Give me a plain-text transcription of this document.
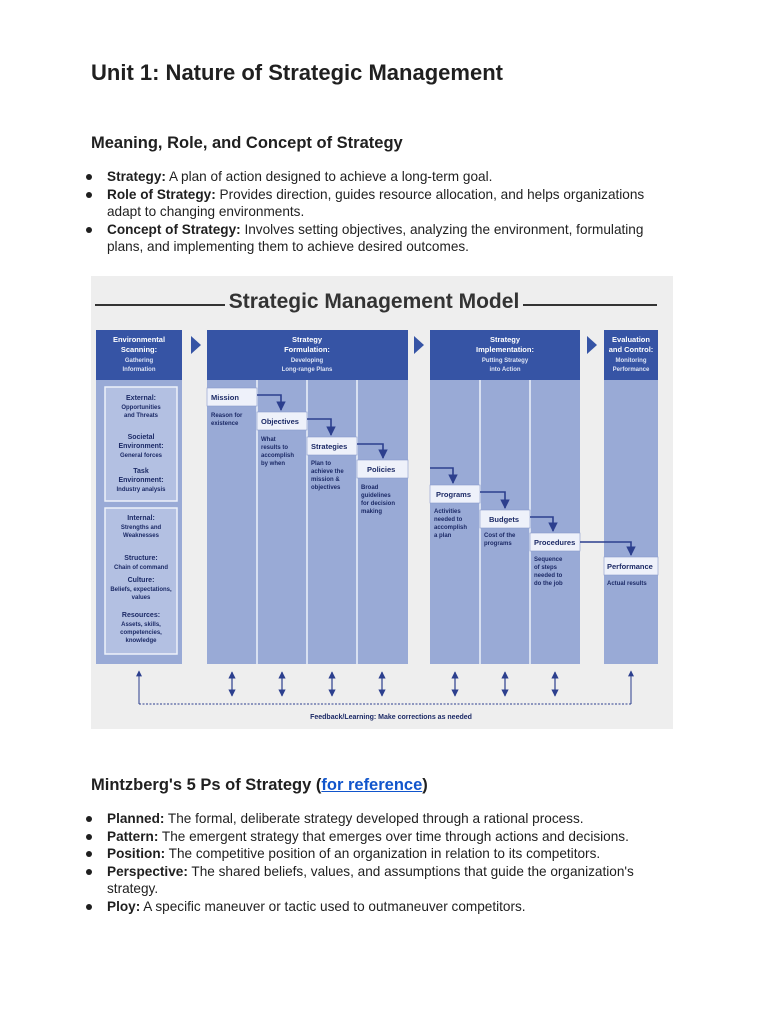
Unit 1: Nature of Strategic Management
Meaning, Role, and Concept of Strategy
Strategy: A plan of action designed to achieve a long-term goal.
Role of Strategy: Provides direction, guides resource allocation, and helps organizations adapt to changing environments.
Concept of Strategy: Involves setting objectives, analyzing the environment, formulating plans, and implementing them to achieve desired outcomes.
Strategic Management Model
Environmental
Scanning:
Gathering
Information
Strategy
Formulation:
Developing
Long-range Plans
Strategy
Implementation:
Putting Strategy
into Action
Evaluation
and Control:
Monitoring
Performance
External:
Opportunities
and Threats
Societal
Environment:
General forces
Task
Environment:
Industry analysis
Internal:
Strengths and
Weaknesses
Structure:
Chain of command
Culture:
Beliefs, expectations,
values
Resources:
Assets, skills,
competencies,
knowledge
Mission
Objectives
Strategies
Policies
Programs
Budgets
Procedures
Performance
Reason for
existence
What
results to
accomplish
by when	Plan to
achieve the
mission &
objectives	Broad
guidelines
for decision
making	Activities
needed to
accomplish
a plan	Cost of the
programs
Sequence
of steps
needed to
do the job	Actual results
Feedback/Learning: Make corrections as needed
Mintzberg's 5 Ps of Strategy (for reference)
Planned: The formal, deliberate strategy developed through a rational process.
Pattern: The emergent strategy that emerges over time through actions and decisions.
Position: The competitive position of an organization in relation to its competitors.
Perspective: The shared beliefs, values, and assumptions that guide the organization's strategy.
Ploy: A specific maneuver or tactic used to outmaneuver competitors.
